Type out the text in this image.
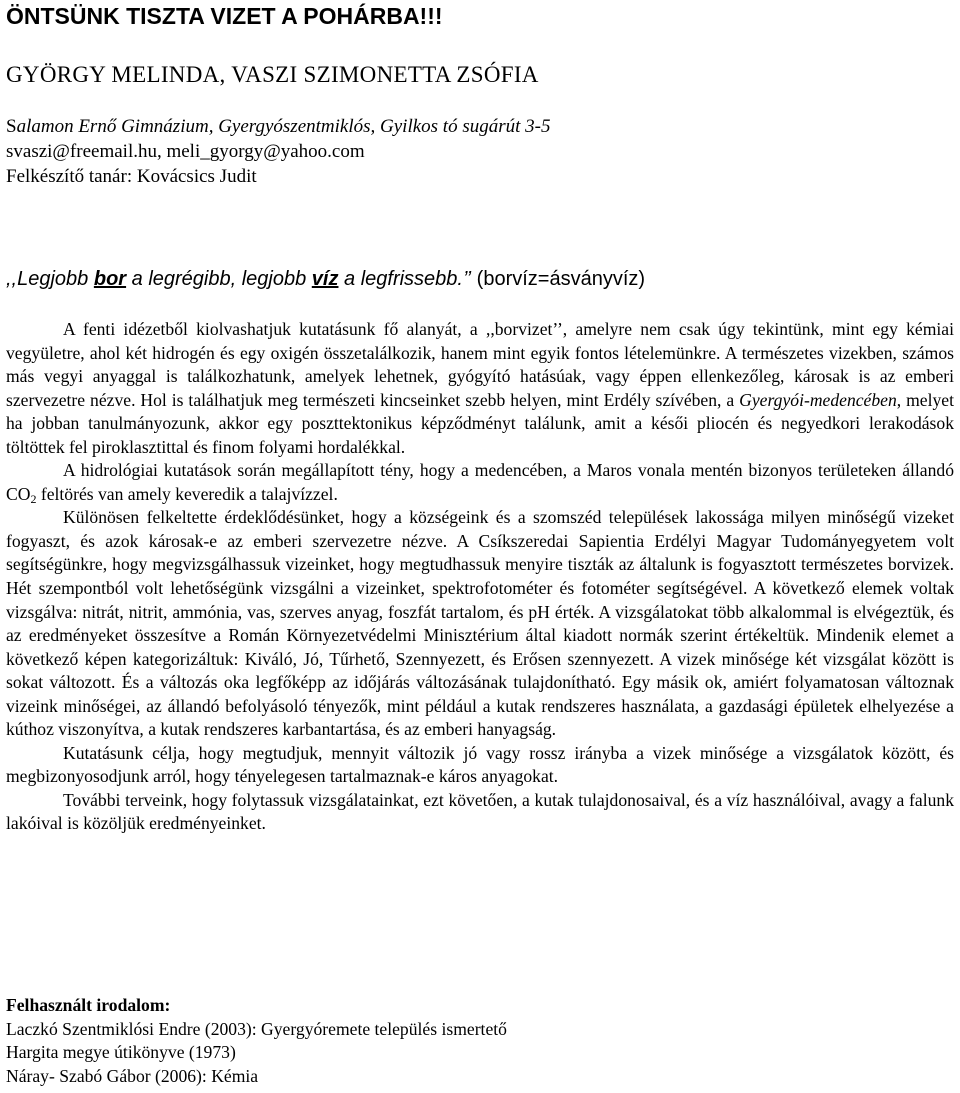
ÖNTSÜNK TISZTA VIZET A POHÁRBA!!!
GYÖRGY MELINDA, VASZI SZIMONETTA ZSÓFIA
Salamon Ernő Gimnázium, Gyergyószentmiklós, Gyilkos tó sugárút 3-5
svaszi@freemail.hu, meli_gyorgy@yahoo.com
Felkészítő tanár: Kovácsics Judit
,,Legjobb bor a legrégibb, legjobb víz a legfrissebb.’’ (borvíz=ásványvíz)

A fenti idézetből kiolvashatjuk kutatásunk fő alanyát, a ,,borvizet’’, amelyre nem csak úgy tekintünk, mint egy kémiai vegyületre, ahol két hidrogén és egy oxigén összetalálkozik, hanem mint egyik fontos lételemünkre. A természetes vizekben, számos más vegyi anyaggal is találkozhatunk, amelyek lehetnek, gyógyító hatásúak, vagy éppen ellenkezőleg, károsak is az emberi szervezetre nézve. Hol is találhatjuk meg természeti kincseinket szebb helyen, mint Erdély szívében, a Gyergyói-medencében, melyet ha jobban tanulmányozunk, akkor egy poszttektonikus képződményt találunk, amit a késői pliocén és negyedkori lerakodások töltöttek fel piroklasztittal és finom folyami hordalékkal.

A hidrológiai kutatások során megállapított tény, hogy a medencében, a Maros vonala mentén bizonyos területeken állandó $CO_2$ feltörés van amely keveredik a talajvízzel.

Különösen felkeltette érdeklődésünket, hogy a községeink és a szomszéd települések lakossága milyen minőségű vizeket fogyaszt, és azok károsak-e az emberi szervezetre nézve. A Csíkszeredai Sapientia Erdélyi Magyar Tudományegyetem volt segítségünkre, hogy megvizsgálhassuk vizeinket, hogy megtudhassuk menyire tiszták az általunk is fogyasztott természetes borvizek. Hét szempontból volt lehetőségünk vizsgálni a vizeinket, spektrofotométer és fotométer segítségével. A következő elemek voltak vizsgálva: nitrát, nitrit, ammónia, vas, szerves anyag, foszfát tartalom, és pH érték. A vizsgálatokat több alkalommal is elvégeztük, és az eredményeket összesítve a Román Környezetvédelmi Minisztérium által kiadott normák szerint értékeltük. Mindenik elemet a következő képen kategorizáltuk: Kiváló, Jó, Tűrhető, Szennyezett, és Erősen szennyezett. A vizek minősége két vizsgálat között is sokat változott. És a változás oka legfőképp az időjárás változásának tulajdonítható. Egy másik ok, amiért folyamatosan változnak vizeink minőségei, az állandó befolyásoló tényezők, mint például a kutak rendszeres használata, a gazdasági épületek elhelyezése a kúthoz viszonyítva, a kutak rendszeres karbantartása, és az emberi hanyagság.

Kutatásunk célja, hogy megtudjuk, mennyit változik jó vagy rossz irányba a vizek minősége a vizsgálatok között, és megbizonyosodjunk arról, hogy tényelegesen tartalmaznak-e káros anyagokat.

További terveink, hogy folytassuk vizsgálatainkat, ezt követően, a kutak tulajdonosaival, és a víz használóival, avagy a falunk lakóival is közöljük eredményeinket.

Felhasznált irodalom:
Laczkó Szentmiklósi Endre (2003): Gyergyóremete település ismertető
Hargita megye útikönyve (1973)
Náray- Szabó Gábor (2006): Kémia
